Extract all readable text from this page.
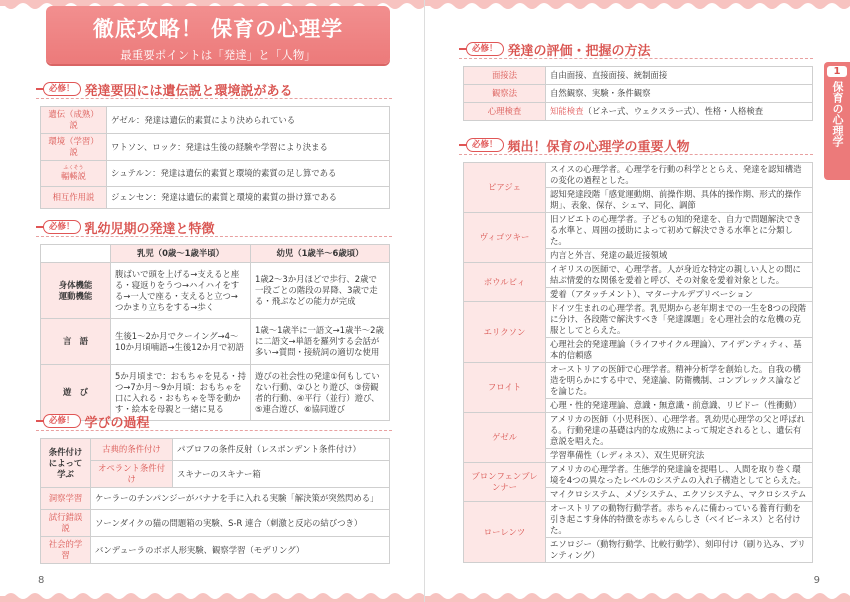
徹底攻略！ 保育の心理学
最重要ポイントは「発達」と「人物」
必修！ 発達要因には遺伝説と環境説がある
遺伝（成熟）説	ゲゼル：発達は遺伝的素質により決められている
環境（学習）説	ワトソン、ロック：発達は生後の経験や学習により決まる

ふくそう
輻輳説	シュテルン：発達は遺伝的素質と環境的素質の足し算である
相互作用説	ジェンセン：発達は遺伝的素質と環境的素質の掛け算である
必修！ 乳幼児期の発達と特徴
	乳児（0歳～1歳半頃）	幼児（1歳半～6歳頃）
身体機能
運動機能	腹ばいで頭を上げる→支えると座る・寝返りをうつ→ハイハイをする→一人で座る・支えると立つ→つかまり立ちをする→歩く	1歳2～3か月ほどで歩行、2歳で一段ごとの階段の昇降、3歳で走る・飛ぶなどの能力が完成
言　語	生後1～2か月でクーイング→4～10か月頃喃語→生後12か月で初語	1歳～1歳半に一語文→1歳半～2歳に二語文→単語を羅列する会話が多い→質問・接続詞の適切な使用
遊　び	5か月頃まで：おもちゃを見る・持つ→7か月～9か月頃：おもちゃを口に入れる・おもちゃを等を動かす・絵本を母親と一緒に見る	遊びの社会性の発達①何もしていない行動、②ひとり遊び、③傍観者的行動、④平行（並行）遊び、⑤連合遊び、⑥協同遊び
必修！ 学びの過程
条件付けによって学ぶ	古典的条件付け	パブロフの条件反射（レスポンデント条件付け）
	オペラント条件付け	スキナーのスキナー箱
洞察学習	ケーラーのチンパンジーがバナナを手に入れる実験「解決策が突然閃める」	
試行錯誤説	ソーンダイクの猫の問題箱の実験、S-R 連合（刺激と反応の結びつき）	
社会的学習	バンデューラのボボ人形実験、観察学習（モデリング）	
8
1
保育の心理学
必修！ 発達の評価・把握の方法
面接法	自由面接、直接面接、統制面接
観察法	自然観察、実験・条件観察
心理検査	知能検査（ビネー式、ウェクスラー式）、性格・人格検査
必修！ 頻出！保育の心理学の重要人物
ピアジェ	スイスの心理学者。心理学を行動の科学ととらえ、発達を認知構造の変化の過程とした。
	認知発達段階「感覚運動期、前操作期、具体的操作期、形式的操作期」、表象、保存、シェマ、同化、調節
ヴィゴツキー	旧ソビエトの心理学者。子どもの知的発達を、自力で問題解決できる水準と、周囲の援助によって初めて解決できる水準とに分類した。
	内言と外言、発達の最近接領域
ボウルビィ	イギリスの医師で、心理学者。人が身近な特定の親しい人との間に結ぶ情愛的な関係を愛着と呼び、その対象を愛着対象とした。
	愛着（アタッチメント）、マターナルデプリベーション
エリクソン	ドイツ生まれの心理学者。乳児期から老年期までの一生を8つの段階に分け、各段階で解決すべき「発達課題」を心理社会的な危機の克服としてとらえた。
	心理社会的発達理論（ライフサイクル理論）、アイデンティティ、基本的信頼感
フロイト	オーストリアの医師で心理学者。精神分析学を創始した。自我の構造を明らかにする中で、発達論、防衛機制、コンプレックス論などを論じた。
	心理・性的発達理論、意識・無意識・前意識、リビドー（性衝動）
ゲゼル	アメリカの医師（小児科医）、心理学者。乳幼児心理学の父と呼ばれる。行動発達の基礎は内的な成熟によって規定されるとし、遺伝有意説を唱えた。
	学習準備性（レディネス）、双生児研究法
ブロンフェンブレンナー	アメリカの心理学者。生態学的発達論を提唱し、人間を取り巻く環境を4つの異なったレベルのシステムの入れ子構造としてとらえた。
	マイクロシステム、メゾシステム、エクソシステム、マクロシステム
ローレンツ	オーストリアの動物行動学者。赤ちゃんに備わっている養育行動を引き起こす身体的特徴を赤ちゃんらしさ（ベイビーネス）と名付けた。
	エソロジー（動物行動学、比較行動学）、刻印付け（刷り込み、プリンティング）
9
